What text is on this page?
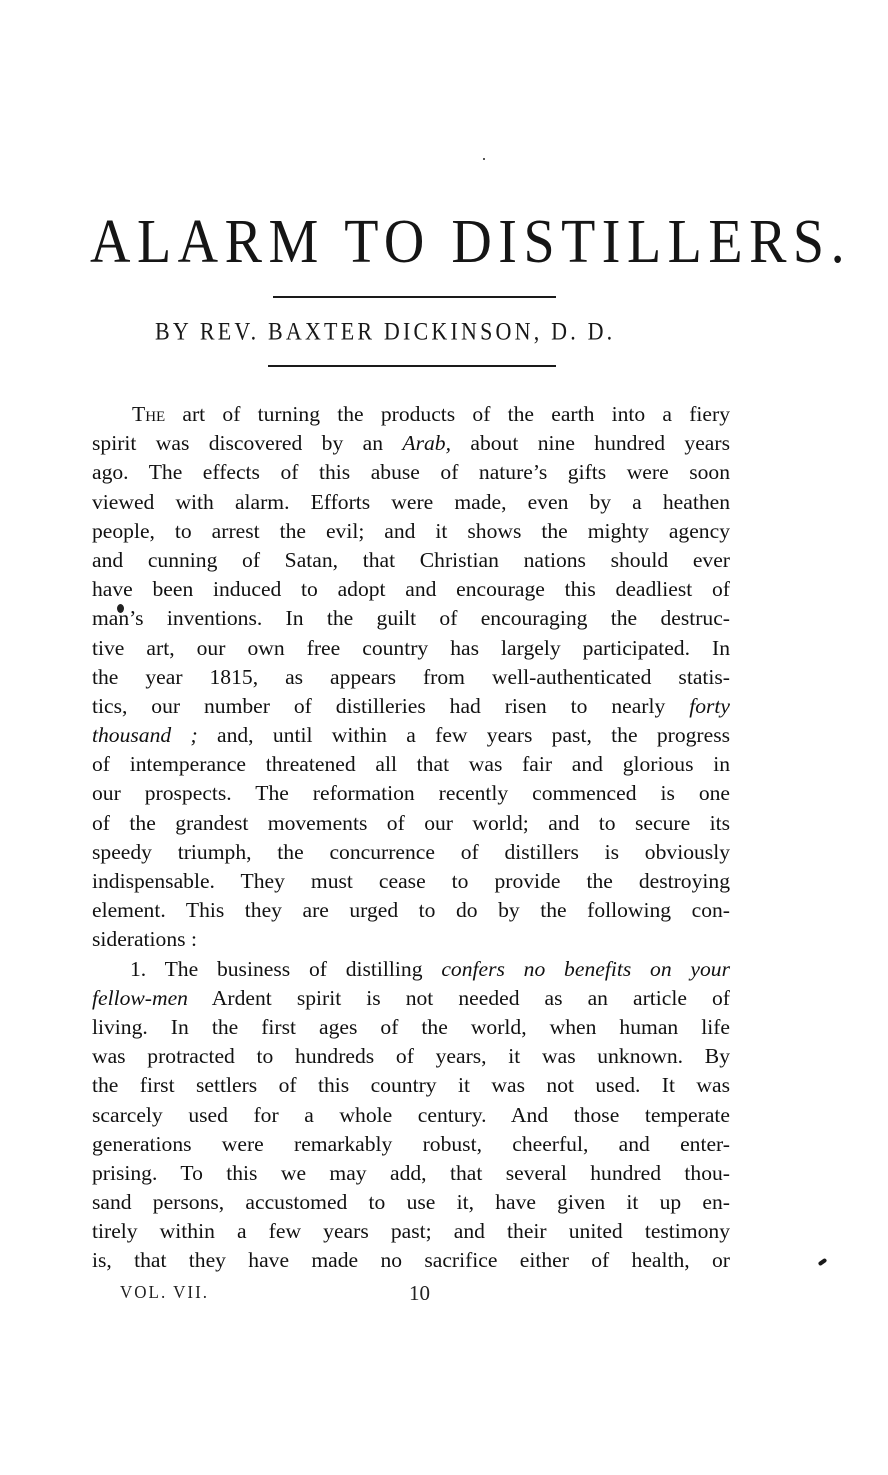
ALARM TO DISTILLERS.
BY REV. BAXTER DICKINSON, D. D.
The art of turning the products of the earth into a fiery
spirit was discovered by an Arab, about nine hundred years
ago. The effects of this abuse of nature’s gifts were soon
viewed with alarm. Efforts were made, even by a heathen
people, to arrest the evil; and it shows the mighty agency
and cunning of Satan, that Christian nations should ever
have been induced to adopt and encourage this deadliest of
man’s inventions. In the guilt of encouraging the destruc-
tive art, our own free country has largely participated. In
the year 1815, as appears from well-authenticated statis-
tics, our number of distilleries had risen to nearly forty
thousand ; and, until within a few years past, the progress
of intemperance threatened all that was fair and glorious in
our prospects. The reformation recently commenced is one
of the grandest movements of our world; and to secure its
speedy triumph, the concurrence of distillers is obviously
indispensable. They must cease to provide the destroying
element. This they are urged to do by the following con-
siderations :
1. The business of distilling confers no benefits on your
fellow-men Ardent spirit is not needed as an article of
living. In the first ages of the world, when human life
was protracted to hundreds of years, it was unknown. By
the first settlers of this country it was not used. It was
scarcely used for a whole century. And those temperate
generations were remarkably robust, cheerful, and enter-
prising. To this we may add, that several hundred thou-
sand persons, accustomed to use it, have given it up en-
tirely within a few years past; and their united testimony
is, that they have made no sacrifice either of health, or
VOL. VII.	10
